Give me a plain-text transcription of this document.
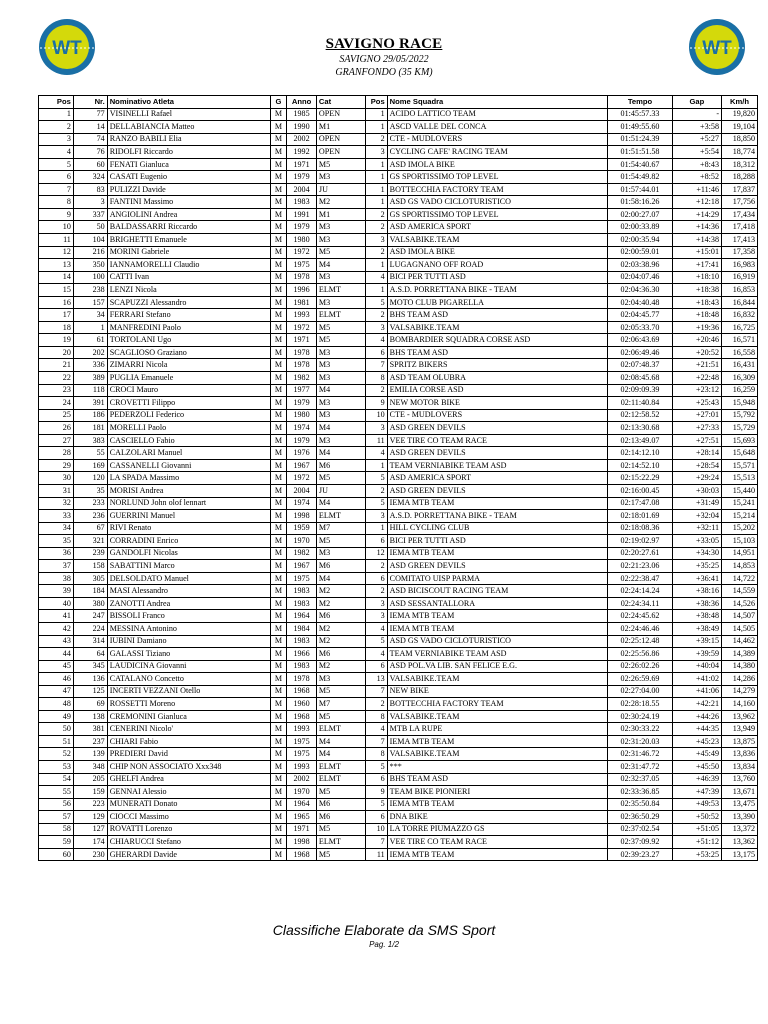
WT	WT
SAVIGNO RACE
SAVIGNO 29/05/2022
GRANFONDO (35 KM)
Pos	Nr.	Nominativo Atleta	G	Anno	Cat	Pos	Nome Squadra	Tempo	Gap	Km/h
1	77	VISINELLI Rafael	M	1985	OPEN	1	ACIDO LATTICO TEAM	01:45:57.33	-	19,820
2	14	DELLABIANCIA Matteo	M	1990	M1	1	ASCD VALLE DEL CONCA	01:49:55.60	+3:58	19,104
3	74	RANZO BABILI Elia	M	2002	OPEN	2	CTE - MUDLOVERS	01:51:24.39	+5:27	18,850
4	76	RIDOLFI Riccardo	M	1992	OPEN	3	CYCLING CAFE' RACING TEAM	01:51:51.58	+5:54	18,774
5	60	FENATI Gianluca	M	1971	M5	1	ASD IMOLA BIKE	01:54:40.67	+8:43	18,312
6	324	CASATI Eugenio	M	1979	M3	1	GS SPORTISSIMO TOP LEVEL	01:54:49.82	+8:52	18,288
7	83	PULIZZI Davide	M	2004	JU	1	BOTTECCHIA FACTORY TEAM	01:57:44.01	+11:46	17,837
8	3	FANTINI Massimo	M	1983	M2	1	ASD GS VADO CICLOTURISTICO	01:58:16.26	+12:18	17,756
9	337	ANGIOLINI Andrea	M	1991	M1	2	GS SPORTISSIMO TOP LEVEL	02:00:27.07	+14:29	17,434
10	50	BALDASSARRI Riccardo	M	1979	M3	2	ASD AMERICA SPORT	02:00:33.89	+14:36	17,418
11	104	BRIGHETTI Emanuele	M	1980	M3	3	VALSABIKE.TEAM	02:00:35.94	+14:38	17,413
12	216	MORINI Gabriele	M	1972	M5	2	ASD IMOLA BIKE	02:00:59.01	+15:01	17,358
13	350	IANNAMORELLI Claudio	M	1975	M4	1	LUGAGNANO OFF ROAD	02:03:38.96	+17:41	16,983
14	100	CATTI Ivan	M	1978	M3	4	BICI PER TUTTI ASD	02:04:07.46	+18:10	16,919
15	238	LENZI Nicola	M	1996	ELMT	1	A.S.D. PORRETTANA BIKE - TEAM	02:04:36.30	+18:38	16,853
16	157	SCAPUZZI Alessandro	M	1981	M3	5	MOTO CLUB PIGARELLA	02:04:40.48	+18:43	16,844
17	34	FERRARI Stefano	M	1993	ELMT	2	BHS TEAM ASD	02:04:45.77	+18:48	16,832
18	1	MANFREDINI Paolo	M	1972	M5	3	VALSABIKE.TEAM	02:05:33.70	+19:36	16,725
19	61	TORTOLANI Ugo	M	1971	M5	4	BOMBARDIER SQUADRA CORSE ASD	02:06:43.69	+20:46	16,571
20	202	SCAGLIOSO Graziano	M	1978	M3	6	BHS TEAM ASD	02:06:49.46	+20:52	16,558
21	336	ZIMARRI Nicola	M	1978	M3	7	SPRITZ BIKERS	02:07:48.37	+21:51	16,431
22	389	PUGLIA Emanuele	M	1982	M3	8	ASD TEAM OLUBRA	02:08:45.68	+22:48	16,309
23	118	CROCI Mauro	M	1977	M4	2	EMILIA CORSE ASD	02:09:09.39	+23:12	16,259
24	391	CROVETTI Filippo	M	1979	M3	9	NEW MOTOR BIKE	02:11:40.84	+25:43	15,948
25	186	PEDERZOLI Federico	M	1980	M3	10	CTE - MUDLOVERS	02:12:58.52	+27:01	15,792
26	181	MORELLI Paolo	M	1974	M4	3	ASD GREEN DEVILS	02:13:30.68	+27:33	15,729
27	383	CASCIELLO Fabio	M	1979	M3	11	VEE TIRE CO TEAM RACE	02:13:49.07	+27:51	15,693
28	55	CALZOLARI Manuel	M	1976	M4	4	ASD GREEN DEVILS	02:14:12.10	+28:14	15,648
29	169	CASSANELLI Giovanni	M	1967	M6	1	TEAM VERNIABIKE TEAM ASD	02:14:52.10	+28:54	15,571
30	120	LA SPADA Massimo	M	1972	M5	5	ASD AMERICA SPORT	02:15:22.29	+29:24	15,513
31	35	MORISI Andrea	M	2004	JU	2	ASD GREEN DEVILS	02:16:00.45	+30:03	15,440
32	233	NORLUND John olof lennart	M	1974	M4	5	IEMA MTB TEAM	02:17:47.08	+31:49	15,241
33	236	GUERRINI Manuel	M	1998	ELMT	3	A.S.D. PORRETTANA BIKE - TEAM	02:18:01.69	+32:04	15,214
34	67	RIVI Renato	M	1959	M7	1	HILL CYCLING CLUB	02:18:08.36	+32:11	15,202
35	321	CORRADINI Enrico	M	1970	M5	6	BICI PER TUTTI ASD	02:19:02.97	+33:05	15,103
36	239	GANDOLFI Nicolas	M	1982	M3	12	IEMA MTB TEAM	02:20:27.61	+34:30	14,951
37	158	SABATTINI Marco	M	1967	M6	2	ASD GREEN DEVILS	02:21:23.06	+35:25	14,853
38	305	DELSOLDATO Manuel	M	1975	M4	6	COMITATO UISP PARMA	02:22:38.47	+36:41	14,722
39	184	MASI Alessandro	M	1983	M2	2	ASD BICISCOUT RACING TEAM	02:24:14.24	+38:16	14,559
40	380	ZANOTTI Andrea	M	1983	M2	3	ASD SESSANTALLORA	02:24:34.11	+38:36	14,526
41	247	BISSOLI Franco	M	1964	M6	3	IEMA MTB TEAM	02:24:45.62	+38:48	14,507
42	224	MESSINA Antonino	M	1984	M2	4	IEMA MTB TEAM	02:24:46.46	+38:49	14,505
43	314	IUBINI Damiano	M	1983	M2	5	ASD GS VADO CICLOTURISTICO	02:25:12.48	+39:15	14,462
44	64	GALASSI Tiziano	M	1966	M6	4	TEAM VERNIABIKE TEAM ASD	02:25:56.86	+39:59	14,389
45	345	LAUDICINA Giovanni	M	1983	M2	6	ASD POL.VA LIB. SAN FELICE E.G.	02:26:02.26	+40:04	14,380
46	136	CATALANO Concetto	M	1978	M3	13	VALSABIKE.TEAM	02:26:59.69	+41:02	14,286
47	125	INCERTI VEZZANI Otello	M	1968	M5	7	NEW BIKE	02:27:04.00	+41:06	14,279
48	69	ROSSETTI Moreno	M	1960	M7	2	BOTTECCHIA FACTORY TEAM	02:28:18.55	+42:21	14,160
49	138	CREMONINI Gianluca	M	1968	M5	8	VALSABIKE.TEAM	02:30:24.19	+44:26	13,962
50	381	CENERINI Nicolo'	M	1993	ELMT	4	MTB LA RUPE	02:30:33.22	+44:35	13,949
51	237	CHIARI Fabio	M	1975	M4	7	IEMA MTB TEAM	02:31:20.03	+45:23	13,875
52	139	PREDIERI David	M	1975	M4	8	VALSABIKE.TEAM	02:31:46.72	+45:49	13,836
53	348	CHIP NON ASSOCIATO Xxx348	M	1993	ELMT	5	***	02:31:47.72	+45:50	13,834
54	205	GHELFI Andrea	M	2002	ELMT	6	BHS TEAM ASD	02:32:37.05	+46:39	13,760
55	159	GENNAI Alessio	M	1970	M5	9	TEAM BIKE PIONIERI	02:33:36.85	+47:39	13,671
56	223	MUNERATI Donato	M	1964	M6	5	IEMA MTB TEAM	02:35:50.84	+49:53	13,475
57	129	CIOCCI Massimo	M	1965	M6	6	DNA BIKE	02:36:50.29	+50:52	13,390
58	127	ROVATTI Lorenzo	M	1971	M5	10	LA TORRE PIUMAZZO GS	02:37:02.54	+51:05	13,372
59	174	CHIARUCCI Stefano	M	1998	ELMT	7	VEE TIRE CO TEAM RACE	02:37:09.92	+51:12	13,362
60	230	GHERARDI Davide	M	1968	M5	11	IEMA MTB TEAM	02:39:23.27	+53:25	13,175
Classifiche Elaborate da SMS Sport
Pag. 1/2
